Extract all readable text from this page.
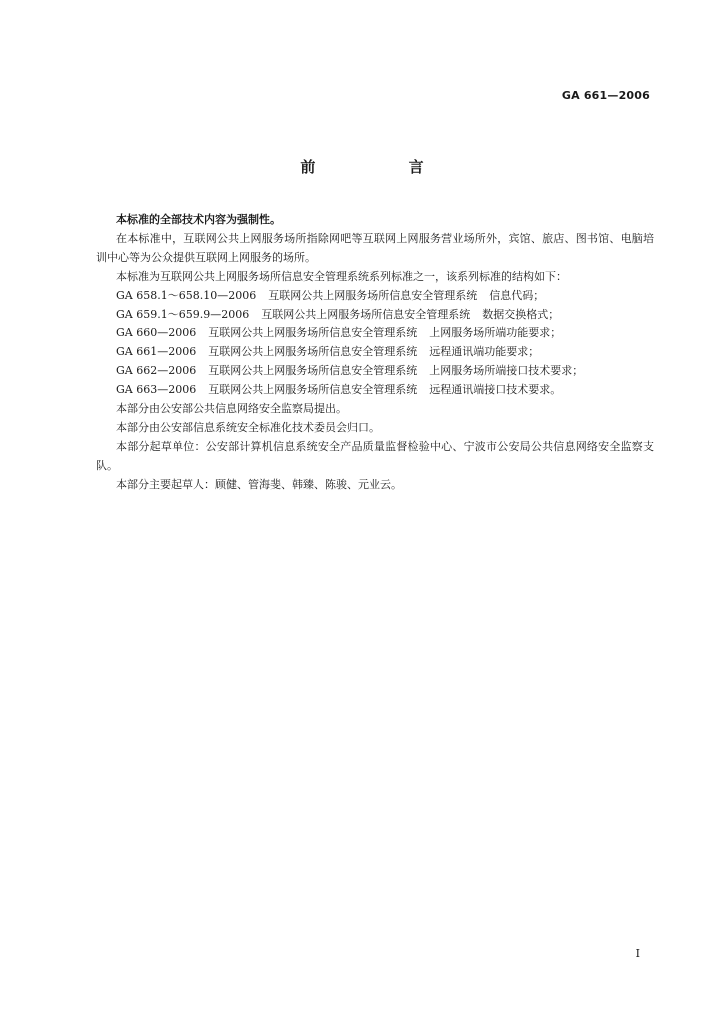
GA 661—2006
前 言

本标准的全部技术内容为强制性。

在本标准中，互联网公共上网服务场所指除网吧等互联网上网服务营业场所外，宾馆、旅店、图书馆、电脑培训中心等为公众提供互联网上网服务的场所。

本标准为互联网公共上网服务场所信息安全管理系统系列标准之一，该系列标准的结构如下：

GA 658.1～658.10—2006 互联网公共上网服务场所信息安全管理系统 信息代码；

GA 659.1～659.9—2006 互联网公共上网服务场所信息安全管理系统 数据交换格式；

GA 660—2006 互联网公共上网服务场所信息安全管理系统 上网服务场所端功能要求；

GA 661—2006 互联网公共上网服务场所信息安全管理系统 远程通讯端功能要求；

GA 662—2006 互联网公共上网服务场所信息安全管理系统 上网服务场所端接口技术要求；

GA 663—2006 互联网公共上网服务场所信息安全管理系统 远程通讯端接口技术要求。

本部分由公安部公共信息网络安全监察局提出。

本部分由公安部信息系统安全标准化技术委员会归口。

本部分起草单位：公安部计算机信息系统安全产品质量监督检验中心、宁波市公安局公共信息网络安全监察支队。

本部分主要起草人：顾健、管海斐、韩臻、陈骏、元业云。

I
